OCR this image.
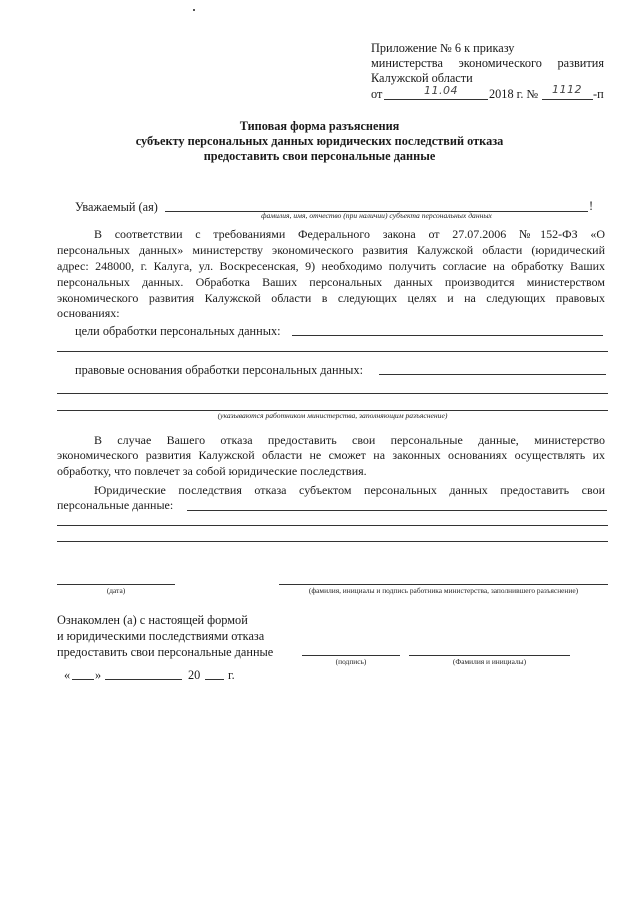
Приложение № 6 к приказу
министерства экономического развития
Калужской области
от	11.04	2018 г. № 1112 -п
Типовая форма разъяснения
субъекту персональных данных юридических последствий отказа
предоставить свои персональные данные
Уважаемый (ая)	!
фамилия, имя, отчество (при наличии) субъекта персональных данных
В соответствии с требованиями Федерального закона от 27.07.2006 №152-ФЗ «О
персональных данных» министерству экономического развития Калужской области (юридический
адрес: 248000, г. Калуга, ул. Воскресенская, 9) необходимо получить согласие на обработку Ваших
персональных данных. Обработка Ваших персональных данных производится министерством
экономического развития Калужской области в следующих целях и на следующих правовых
основаниях:
цели обработки персональных данных:
правовые основания обработки персональных данных:
(указываются работником министерства, заполняющим разъяснение)
В случае Вашего отказа предоставить свои персональные данные, министерство
экономического развития Калужской области не сможет на законных основаниях осуществлять их
обработку, что повлечет за собой юридические последствия.
Юридические последствия отказа субъектом персональных данных предоставить свои
персональные данные:
(дата)	(фамилия, инициалы и подпись работника министерства, заполнившего разъяснение)
Ознакомлен (а) с настоящей формой
и юридическими последствиями отказа
предоставить свои персональные данные
(подпись)	(Фамилия и инициалы)
« »	20 г.
